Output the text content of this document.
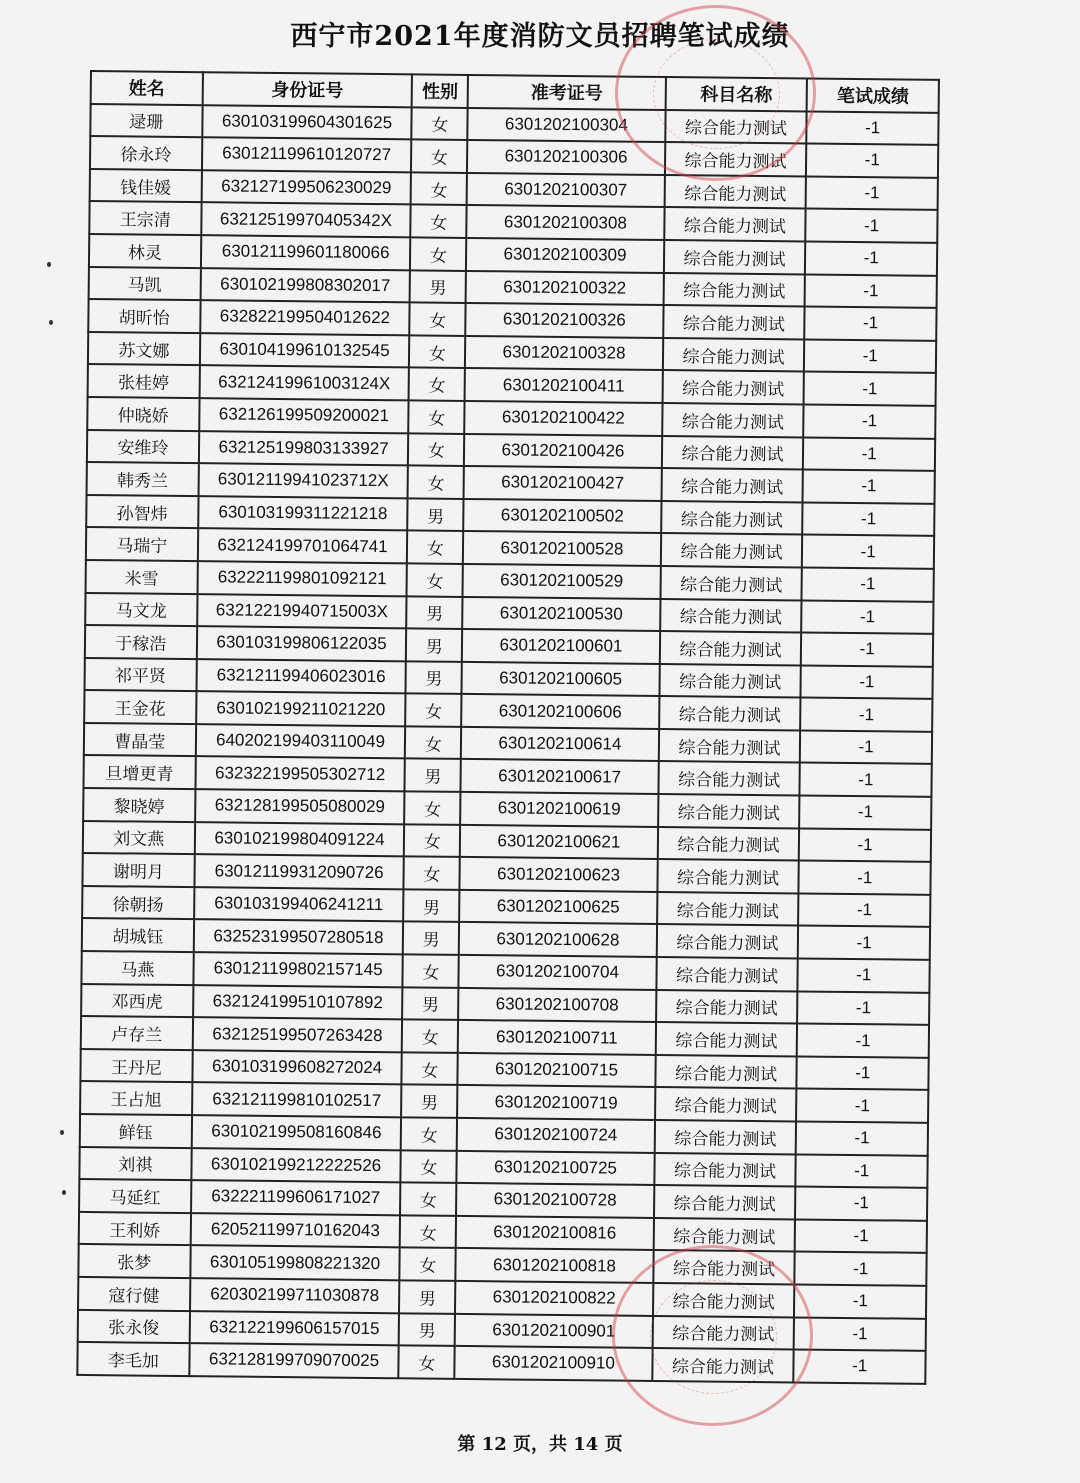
西宁市2021年度消防文员招聘笔试成绩
姓名	身份证号	性别	准考证号	科目名称	笔试成绩
逯珊	630103199604301625	女	6301202100304	综合能力测试	-1
徐永玲	630121199610120727	女	6301202100306	综合能力测试	-1
钱佳媛	632127199506230029	女	6301202100307	综合能力测试	-1
王宗清	63212519970405342X	女	6301202100308	综合能力测试	-1
林灵	630121199601180066	女	6301202100309	综合能力测试	-1
马凯	630102199808302017	男	6301202100322	综合能力测试	-1
胡昕怡	632822199504012622	女	6301202100326	综合能力测试	-1
苏文娜	630104199610132545	女	6301202100328	综合能力测试	-1
张桂婷	63212419961003124X	女	6301202100411	综合能力测试	-1
仲晓娇	632126199509200021	女	6301202100422	综合能力测试	-1
安维玲	632125199803133927	女	6301202100426	综合能力测试	-1
韩秀兰	63012119941023712X	女	6301202100427	综合能力测试	-1
孙智炜	630103199311221218	男	6301202100502	综合能力测试	-1
马瑞宁	632124199701064741	女	6301202100528	综合能力测试	-1
米雪	632221199801092121	女	6301202100529	综合能力测试	-1
马文龙	63212219940715003X	男	6301202100530	综合能力测试	-1
于稼浩	630103199806122035	男	6301202100601	综合能力测试	-1
祁平贤	632121199406023016	男	6301202100605	综合能力测试	-1
王金花	630102199211021220	女	6301202100606	综合能力测试	-1
曹晶莹	640202199403110049	女	6301202100614	综合能力测试	-1
旦增更青	632322199505302712	男	6301202100617	综合能力测试	-1
黎晓婷	632128199505080029	女	6301202100619	综合能力测试	-1
刘文燕	630102199804091224	女	6301202100621	综合能力测试	-1
谢明月	630121199312090726	女	6301202100623	综合能力测试	-1
徐朝扬	630103199406241211	男	6301202100625	综合能力测试	-1
胡城钰	632523199507280518	男	6301202100628	综合能力测试	-1
马燕	630121199802157145	女	6301202100704	综合能力测试	-1
邓西虎	632124199510107892	男	6301202100708	综合能力测试	-1
卢存兰	632125199507263428	女	6301202100711	综合能力测试	-1
王丹尼	630103199608272024	女	6301202100715	综合能力测试	-1
王占旭	632121199810102517	男	6301202100719	综合能力测试	-1
鲜钰	630102199508160846	女	6301202100724	综合能力测试	-1
刘祺	630102199212222526	女	6301202100725	综合能力测试	-1
马延红	632221199606171027	女	6301202100728	综合能力测试	-1
王利娇	620521199710162043	女	6301202100816	综合能力测试	-1
张梦	630105199808221320	女	6301202100818	综合能力测试	-1
寇行健	620302199711030878	男	6301202100822	综合能力测试	-1
张永俊	632122199606157015	男	6301202100901	综合能力测试	-1
李毛加	632128199709070025	女	6301202100910	综合能力测试	-1
第 12 页，共 14 页
